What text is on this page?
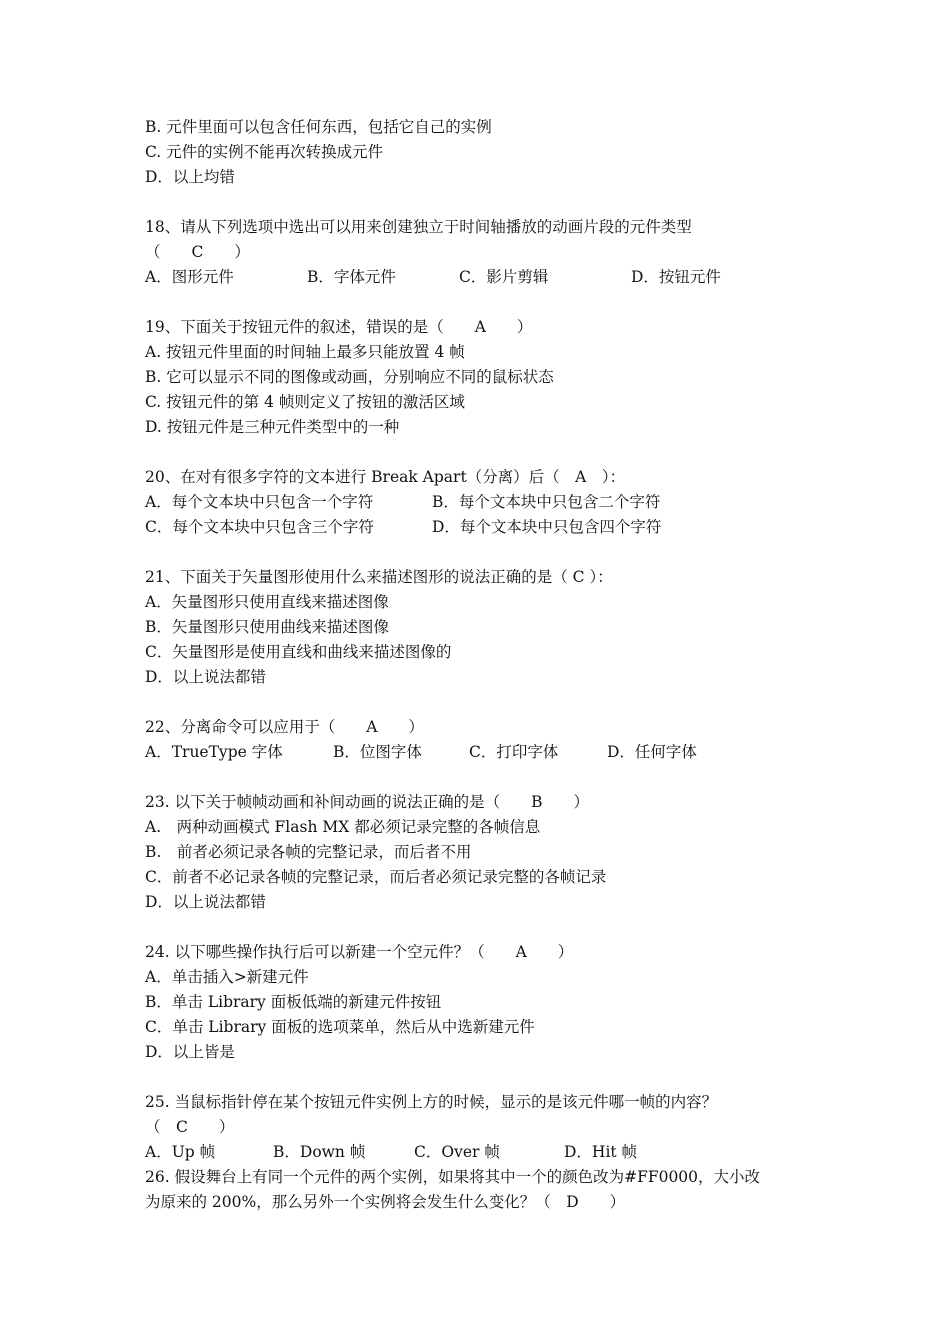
B. 元件里面可以包含任何东西，包括它自己的实例
C. 元件的实例不能再次转换成元件
D．以上均错
18、请从下列选项中选出可以用来创建独立于时间轴播放的动画片段的元件类型
（　　C　　）
A．图形元件	B．字体元件	C．影片剪辑	D．按钮元件
19、下面关于按钮元件的叙述，错误的是（　　A　　）
A. 按钮元件里面的时间轴上最多只能放置 4 帧
B. 它可以显示不同的图像或动画，分别响应不同的鼠标状态
C. 按钮元件的第 4 帧则定义了按钮的激活区域
D. 按钮元件是三种元件类型中的一种
20、在对有很多字符的文本进行 Break Apart（分离）后（　A　）：
A．每个文本块中只包含一个字符	B．每个文本块中只包含二个字符
C．每个文本块中只包含三个字符	D．每个文本块中只包含四个字符
21、下面关于矢量图形使用什么来描述图形的说法正确的是（ C ）：
A．矢量图形只使用直线来描述图像
B．矢量图形只使用曲线来描述图像
C．矢量图形是使用直线和曲线来描述图像的
D．以上说法都错
22、分离命令可以应用于（　　A　　）
A．TrueType 字体	B．位图字体	C．打印字体	D．任何字体
23. 以下关于帧帧动画和补间动画的说法正确的是（　　B　　）
A.　两种动画模式 Flash MX 都必须记录完整的各帧信息
B.　前者必须记录各帧的完整记录，而后者不用
C．前者不必记录各帧的完整记录，而后者必须记录完整的各帧记录
D．以上说法都错
24. 以下哪些操作执行后可以新建一个空元件？（　　A　　）
A．单击插入>新建元件
B．单击 Library 面板低端的新建元件按钮
C．单击 Library 面板的选项菜单，然后从中选新建元件
D．以上皆是
25. 当鼠标指针停在某个按钮元件实例上方的时候，显示的是该元件哪一帧的内容？
（　C　　）
A．Up 帧	B．Down 帧	C．Over 帧	D．Hit 帧
26. 假设舞台上有同一个元件的两个实例，如果将其中一个的颜色改为#FF0000，大小改
为原来的 200%，那么另外一个实例将会发生什么变化？（　D　　）
